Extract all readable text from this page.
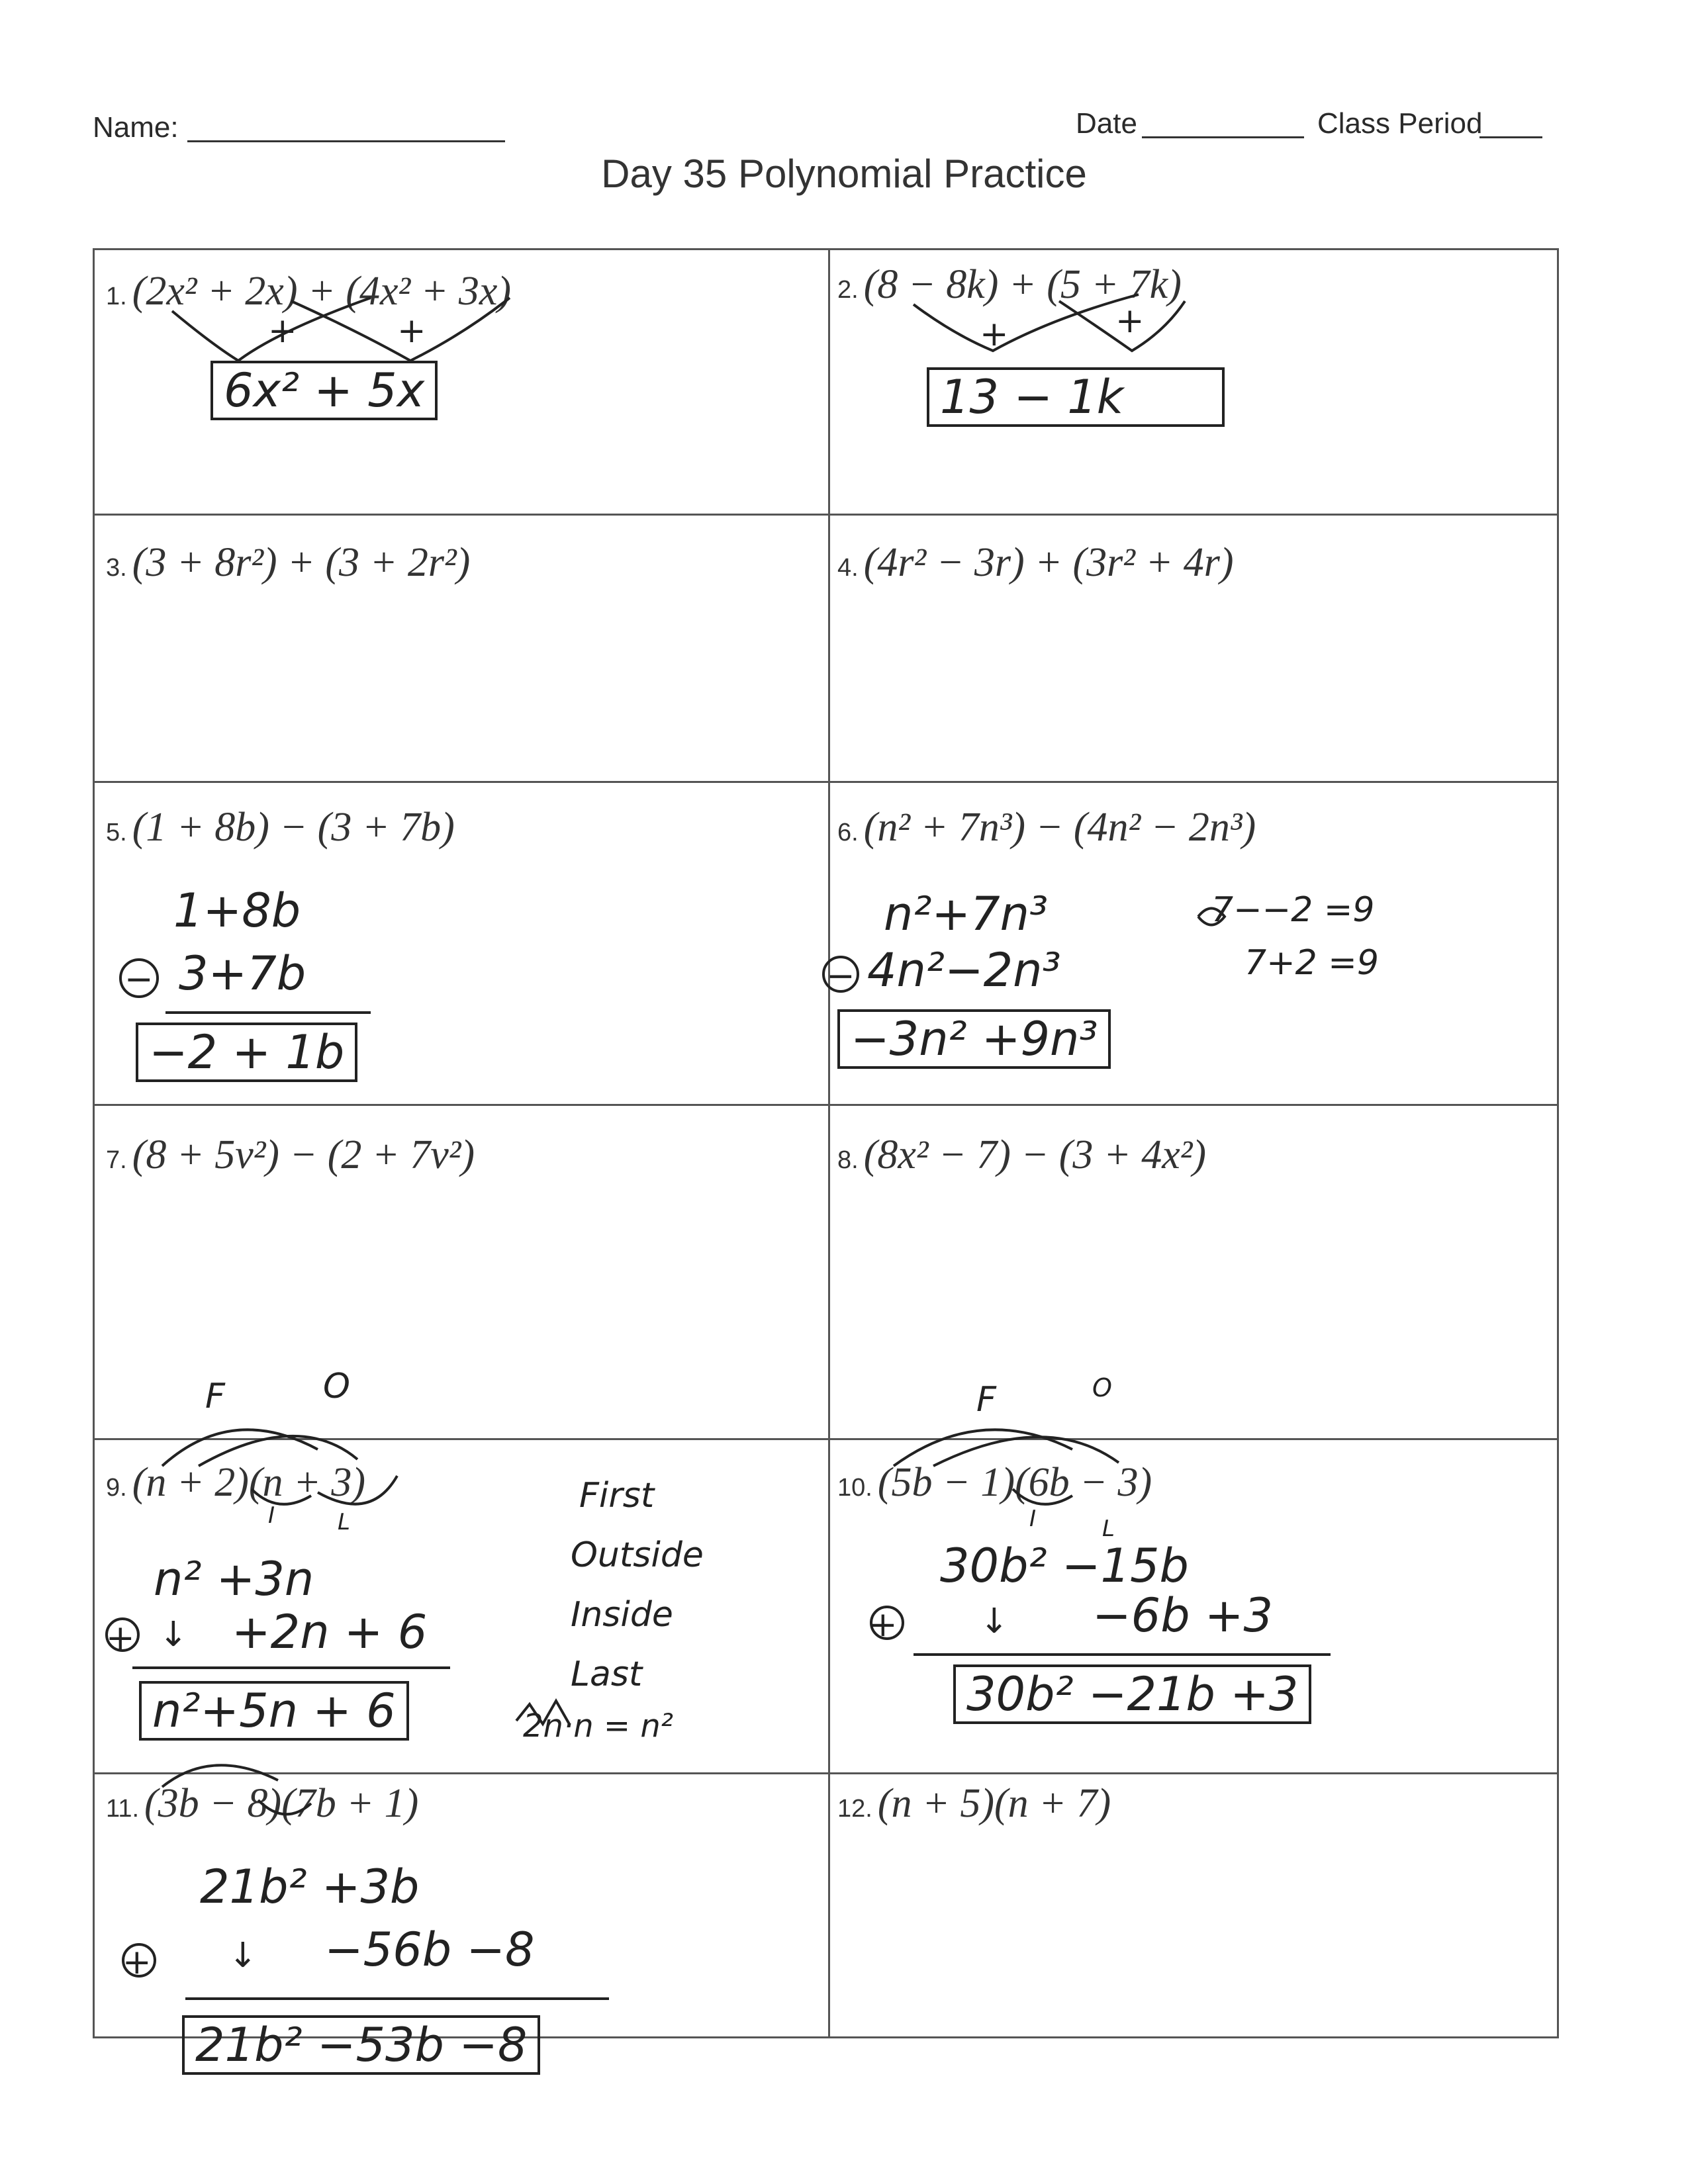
Name:	Date	Class Period
Day 35 Polynomial Practice
1. (2x² + 2x) + (4x² + 3x)	2. (8 − 8k) + (5 + 7k)
3. (3 + 8r²) + (3 + 2r²)	4. (4r² − 3r) + (3r² + 4r)
5. (1 + 8b) − (3 + 7b)	6. (n² + 7n³) − (4n² − 2n³)
7. (8 + 5v²) − (2 + 7v²)	8. (8x² − 7) − (3 + 4x²)
9. (n + 2)(n + 3)	10. (5b − 1)(6b − 3)
11. (3b − 8)(7b + 1)	12. (n + 5)(n + 7)
+	+
6x² + 5x
+	+
13 − 1k
1+8b
− 3+7b
−2 + 1b
n²+7n³
− 4n²−2n³
−3n² +9n³
7−−2 =9
7+2 =9
F	O
I	L
n² +3n
+ ↓ +2n + 6
n²+5n + 6
First
Outside
Inside
Last
2n·n = n²
F	O
I	L
30b² −15b
+ ↓ −6b +3
30b² −21b +3
21b² +3b
+ ↓ −56b −8
21b² −53b −8
